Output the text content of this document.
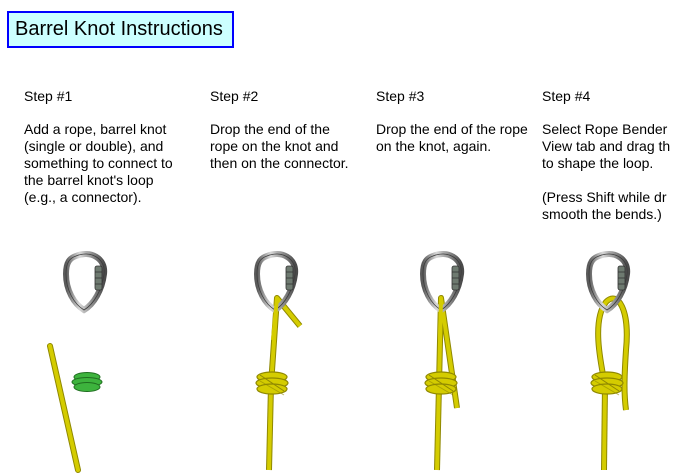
Barrel Knot Instructions
Step #1
Add a rope, barrel knot (single or double), and something to connect to the barrel knot's loop (e.g., a connector).
Step #2
Drop the end of the rope on the knot and then on the connector.
Step #3
Drop the end of the rope on the knot, again.
Step #4
Select Rope Bender View tab and drag th to shape the loop.
(Press Shift while dr smooth the bends.)
